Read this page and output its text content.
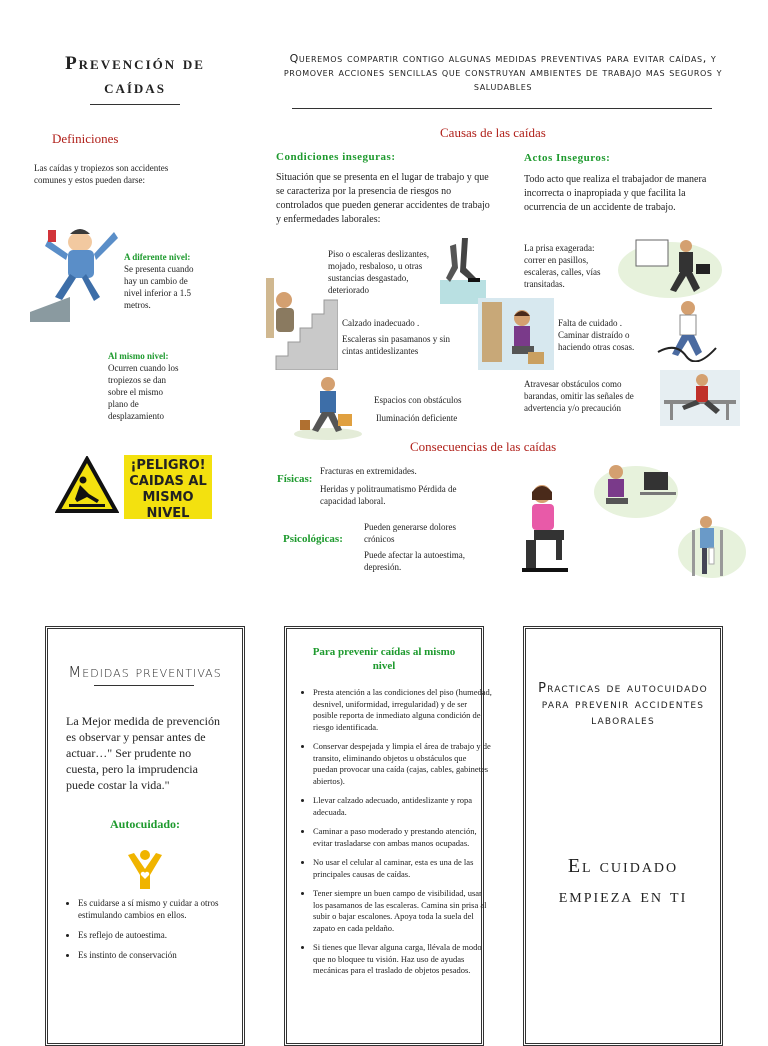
Prevención de
caídas
Queremos compartir contigo algunas medidas preventivas para evitar caídas, y promover acciones sencillas que construyan ambientes de trabajo mas seguros y saludables
Definiciones
Las caídas y tropiezos son accidentes comunes y estos pueden darse:
A diferente nivel:
Se presenta cuando hay un cambio de nivel inferior a 1.5 metros.
Al mismo nivel:
Ocurren cuando los tropiezos se dan sobre el mismo plano de desplazamiento
¡PELIGRO!
CAIDAS AL
MISMO NIVEL
Causas de las caídas
Condiciones inseguras:
Situación que se presenta en el lugar de trabajo y que se caracteriza por la presencia de riesgos no controlados que pueden generar accidentes de trabajo y enfermedades laborales:
Actos Inseguros:
Todo acto que realiza el trabajador de manera incorrecta o inapropiada y que facilita la ocurrencia de un accidente de trabajo.
Piso o escaleras deslizantes, mojado, resbaloso, u otras sustancias desgastado, deteriorado
Calzado inadecuado .
Escaleras sin pasamanos y sin cintas antideslizantes
Espacios con obstáculos
Iluminación deficiente
La prisa exagerada: correr en pasillos, escaleras, calles, vías transitadas.
Falta de cuidado . Caminar distraído o haciendo otras cosas.
Atravesar obstáculos como barandas, omitir las señales de advertencia y/o precaución
Consecuencias de las caídas
Físicas:
Fracturas en extremidades.
Heridas y politraumatismo Pérdida de capacidad laboral.
Psicológicas:
Pueden generarse dolores crónicos
Puede afectar la autoestima, depresión.
Medidas preventivas
La Mejor medida de prevención es observar y pensar antes de actuar…" Ser prudente no cuesta, pero la imprudencia puede costar la vida."
Autocuidado:
• Es cuidarse a sí mismo y cuidar a otros estimulando cambios en ellos.
• Es reflejo de autoestima.
• Es instinto de conservación
Para prevenir caídas al mismo nivel
• Presta atención a las condiciones del piso (humedad, desnivel, uniformidad, irregularidad) y de ser posible reporta de inmediato alguna condición de riesgo identificada.
• Conservar despejada y limpia el área de trabajo y de transito, eliminando objetos u obstáculos que puedan provocar una caída (cajas, cables, gabinetes abiertos).
• Llevar calzado adecuado, antideslizante y ropa adecuada.
• Caminar a paso moderado y prestando atención, evitar trasladarse con ambas manos ocupadas.
• No usar el celular al caminar, esta es una de las principales causas de caídas.
• Tener siempre un buen campo de visibilidad, usar los pasamanos de las escaleras. Camina sin prisa al subir o bajar escalones. Apoya toda la suela del zapato en cada peldaño.
• Si tienes que llevar alguna carga, llévala de modo que no bloquee tu visión. Haz uso de ayudas mecánicas para el traslado de objetos pesados.
Practicas de autocuidado para prevenir accidentes laborales
El cuidado empieza en ti
